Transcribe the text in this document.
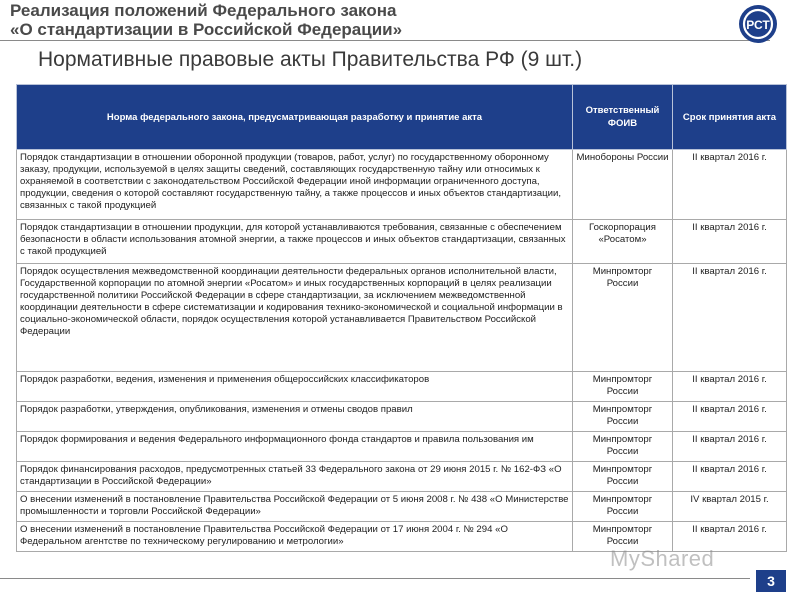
Реализация положений Федерального закона
«О стандартизации в Российской Федерации»	РСТ
Нормативные правовые акты Правительства РФ (9 шт.)
Норма федерального закона, предусматривающая разработку и принятие акта	Ответственный ФОИВ	Срок принятия акта
Порядок стандартизации в отношении оборонной продукции (товаров, работ, услуг) по государственному оборонному заказу, продукции, используемой в целях защиты сведений, составляющих государственную тайну или относимых к охраняемой в соответствии с законодательством Российской Федерации иной информации ограниченного доступа, продукции, сведения о которой составляют государственную тайну, а также процессов и иных объектов стандартизации, связанных с такой продукцией	Минобороны России	II квартал 2016 г.
Порядок стандартизации в отношении продукции, для которой устанавливаются требования, связанные с обеспечением безопасности в области использования атомной энергии, а также процессов и иных объектов стандартизации, связанных с такой продукцией	Госкорпорация «Росатом»	II квартал 2016 г.
Порядок осуществления межведомственной координации деятельности федеральных органов исполнительной власти, Государственной корпорации по атомной энергии «Росатом» и иных государственных корпораций в целях реализации государственной политики Российской Федерации в сфере стандартизации, за исключением межведомственной координации деятельности в сфере систематизации и кодирования технико-экономической и социальной информации в социально-экономической области, порядок осуществления которой устанавливается Правительством Российской Федерации	Минпромторг России	II квартал 2016 г.
Порядок разработки, ведения, изменения и применения общероссийских классификаторов	Минпромторг России	II квартал 2016 г.
Порядок разработки, утверждения, опубликования, изменения и отмены сводов правил	Минпромторг России	II квартал 2016 г.
Порядок формирования и ведения Федерального информационного фонда стандартов и правила пользования им	Минпромторг России	II квартал 2016 г.
Порядок финансирования расходов, предусмотренных статьей 33 Федерального закона от 29 июня 2015 г. № 162-ФЗ «О стандартизации в Российской Федерации»	Минпромторг России	II квартал 2016 г.
О внесении изменений в постановление Правительства Российской Федерации от 5 июня 2008 г. № 438 «О Министерстве промышленности и торговли Российской Федерации»	Минпромторг России	IV квартал 2015 г.
О внесении изменений в постановление Правительства Российской Федерации от 17 июня 2004 г. № 294 «О Федеральном агентстве по техническому регулированию и метрологии»	Минпромторг России	II квартал 2016 г.
MyShared
3
